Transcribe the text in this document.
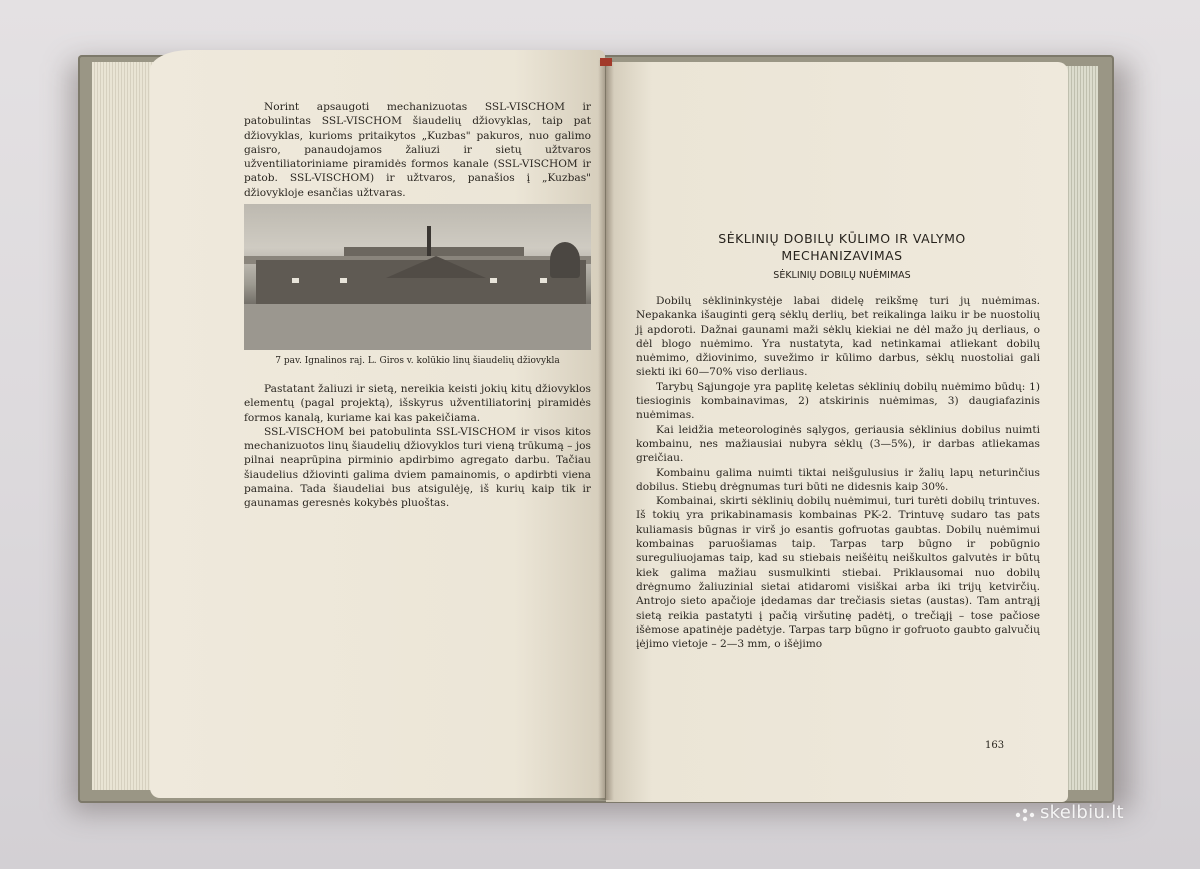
Norint apsaugoti mechanizuotas SSL-VISCHOM ir patobulintas SSL-VISCHOM šiaudelių džiovyklas, taip pat džiovyklas, kurioms pritaikytos „Kuzbas" pakuros, nuo galimo gaisro, panaudojamos žaliuzi ir sietų užtvaros užventiliatoriniame piramidės formos kanale (SSL-VISCHOM ir patob. SSL-VISCHOM) ir užtvaros, panašios į „Kuzbas" džiovykloje esančias užtvaras.

7 pav. Ignalinos raj. L. Giros v. kolūkio linų šiaudelių džiovykla

Pastatant žaliuzi ir sietą, nereikia keisti jokių kitų džiovyklos elementų (pagal projektą), išskyrus užventiliatorinį piramidės formos kanalą, kuriame kai kas pakeičiama.

SSL-VISCHOM bei patobulinta SSL-VISCHOM ir visos kitos mechanizuotos linų šiaudelių džiovyklos turi vieną trūkumą – jos pilnai neaprūpina pirminio apdirbimo agregato darbu. Tačiau šiaudelius džiovinti galima dviem pamainomis, o apdirbti viena pamaina. Tada šiaudeliai bus atsigulėję, iš kurių kaip tik ir gaunamas geresnės kokybės pluoštas.

SĖKLINIŲ DOBILŲ KŪLIMO IR VALYMO
MECHANIZAVIMAS
SĖKLINIŲ DOBILŲ NUĖMIMAS

Dobilų sėklininkystėje labai didelę reikšmę turi jų nuėmimas. Nepakanka išauginti gerą sėklų derlių, bet reikalinga laiku ir be nuostolių jį apdoroti. Dažnai gaunami maži sėklų kiekiai ne dėl mažo jų derliaus, o dėl blogo nuėmimo. Yra nustatyta, kad netinkamai atliekant dobilų nuėmimo, džiovinimo, suvežimo ir kūlimo darbus, sėklų nuostoliai gali siekti iki 60—70% viso derliaus.

Tarybų Sąjungoje yra paplitę keletas sėklinių dobilų nuėmimo būdų: 1) tiesioginis kombainavimas, 2) atskirinis nuėmimas, 3) daugiafazinis nuėmimas.

Kai leidžia meteorologinės sąlygos, geriausia sėklinius dobilus nuimti kombainu, nes mažiausiai nubyra sėklų (3—5%), ir darbas atliekamas greičiau.

Kombainu galima nuimti tiktai neišgulusius ir žalių lapų neturinčius dobilus. Stiebų drėgnumas turi būti ne didesnis kaip 30%.

Kombainai, skirti sėklinių dobilų nuėmimui, turi turėti dobilų trintuves. Iš tokių yra prikabinamasis kombainas PK-2. Trintuvę sudaro tas pats kuliamasis būgnas ir virš jo esantis gofruotas gaubtas. Dobilų nuėmimui kombainas paruošiamas taip. Tarpas tarp būgno ir pobūgnio sureguliuojamas taip, kad su stiebais neišėitų neiškultos galvutės ir būtų kiek galima mažiau susmulkinti stiebai. Priklausomai nuo dobilų drėgnumo žaliuzinial sietai atidaromi visiškai arba iki trijų ketvirčių. Antrojo sieto apačioje įdedamas dar trečiasis sietas (austas). Tam antrąjį sietą reikia pastatyti į pačią viršutinę padėtį, o trečiąjį – tose pačiose išėmose apatinėje padėtyje. Tarpas tarp būgno ir gofruoto gaubto galvučių įėjimo vietoje – 2—3 mm, o išėjimo

163
skelbiu.lt
